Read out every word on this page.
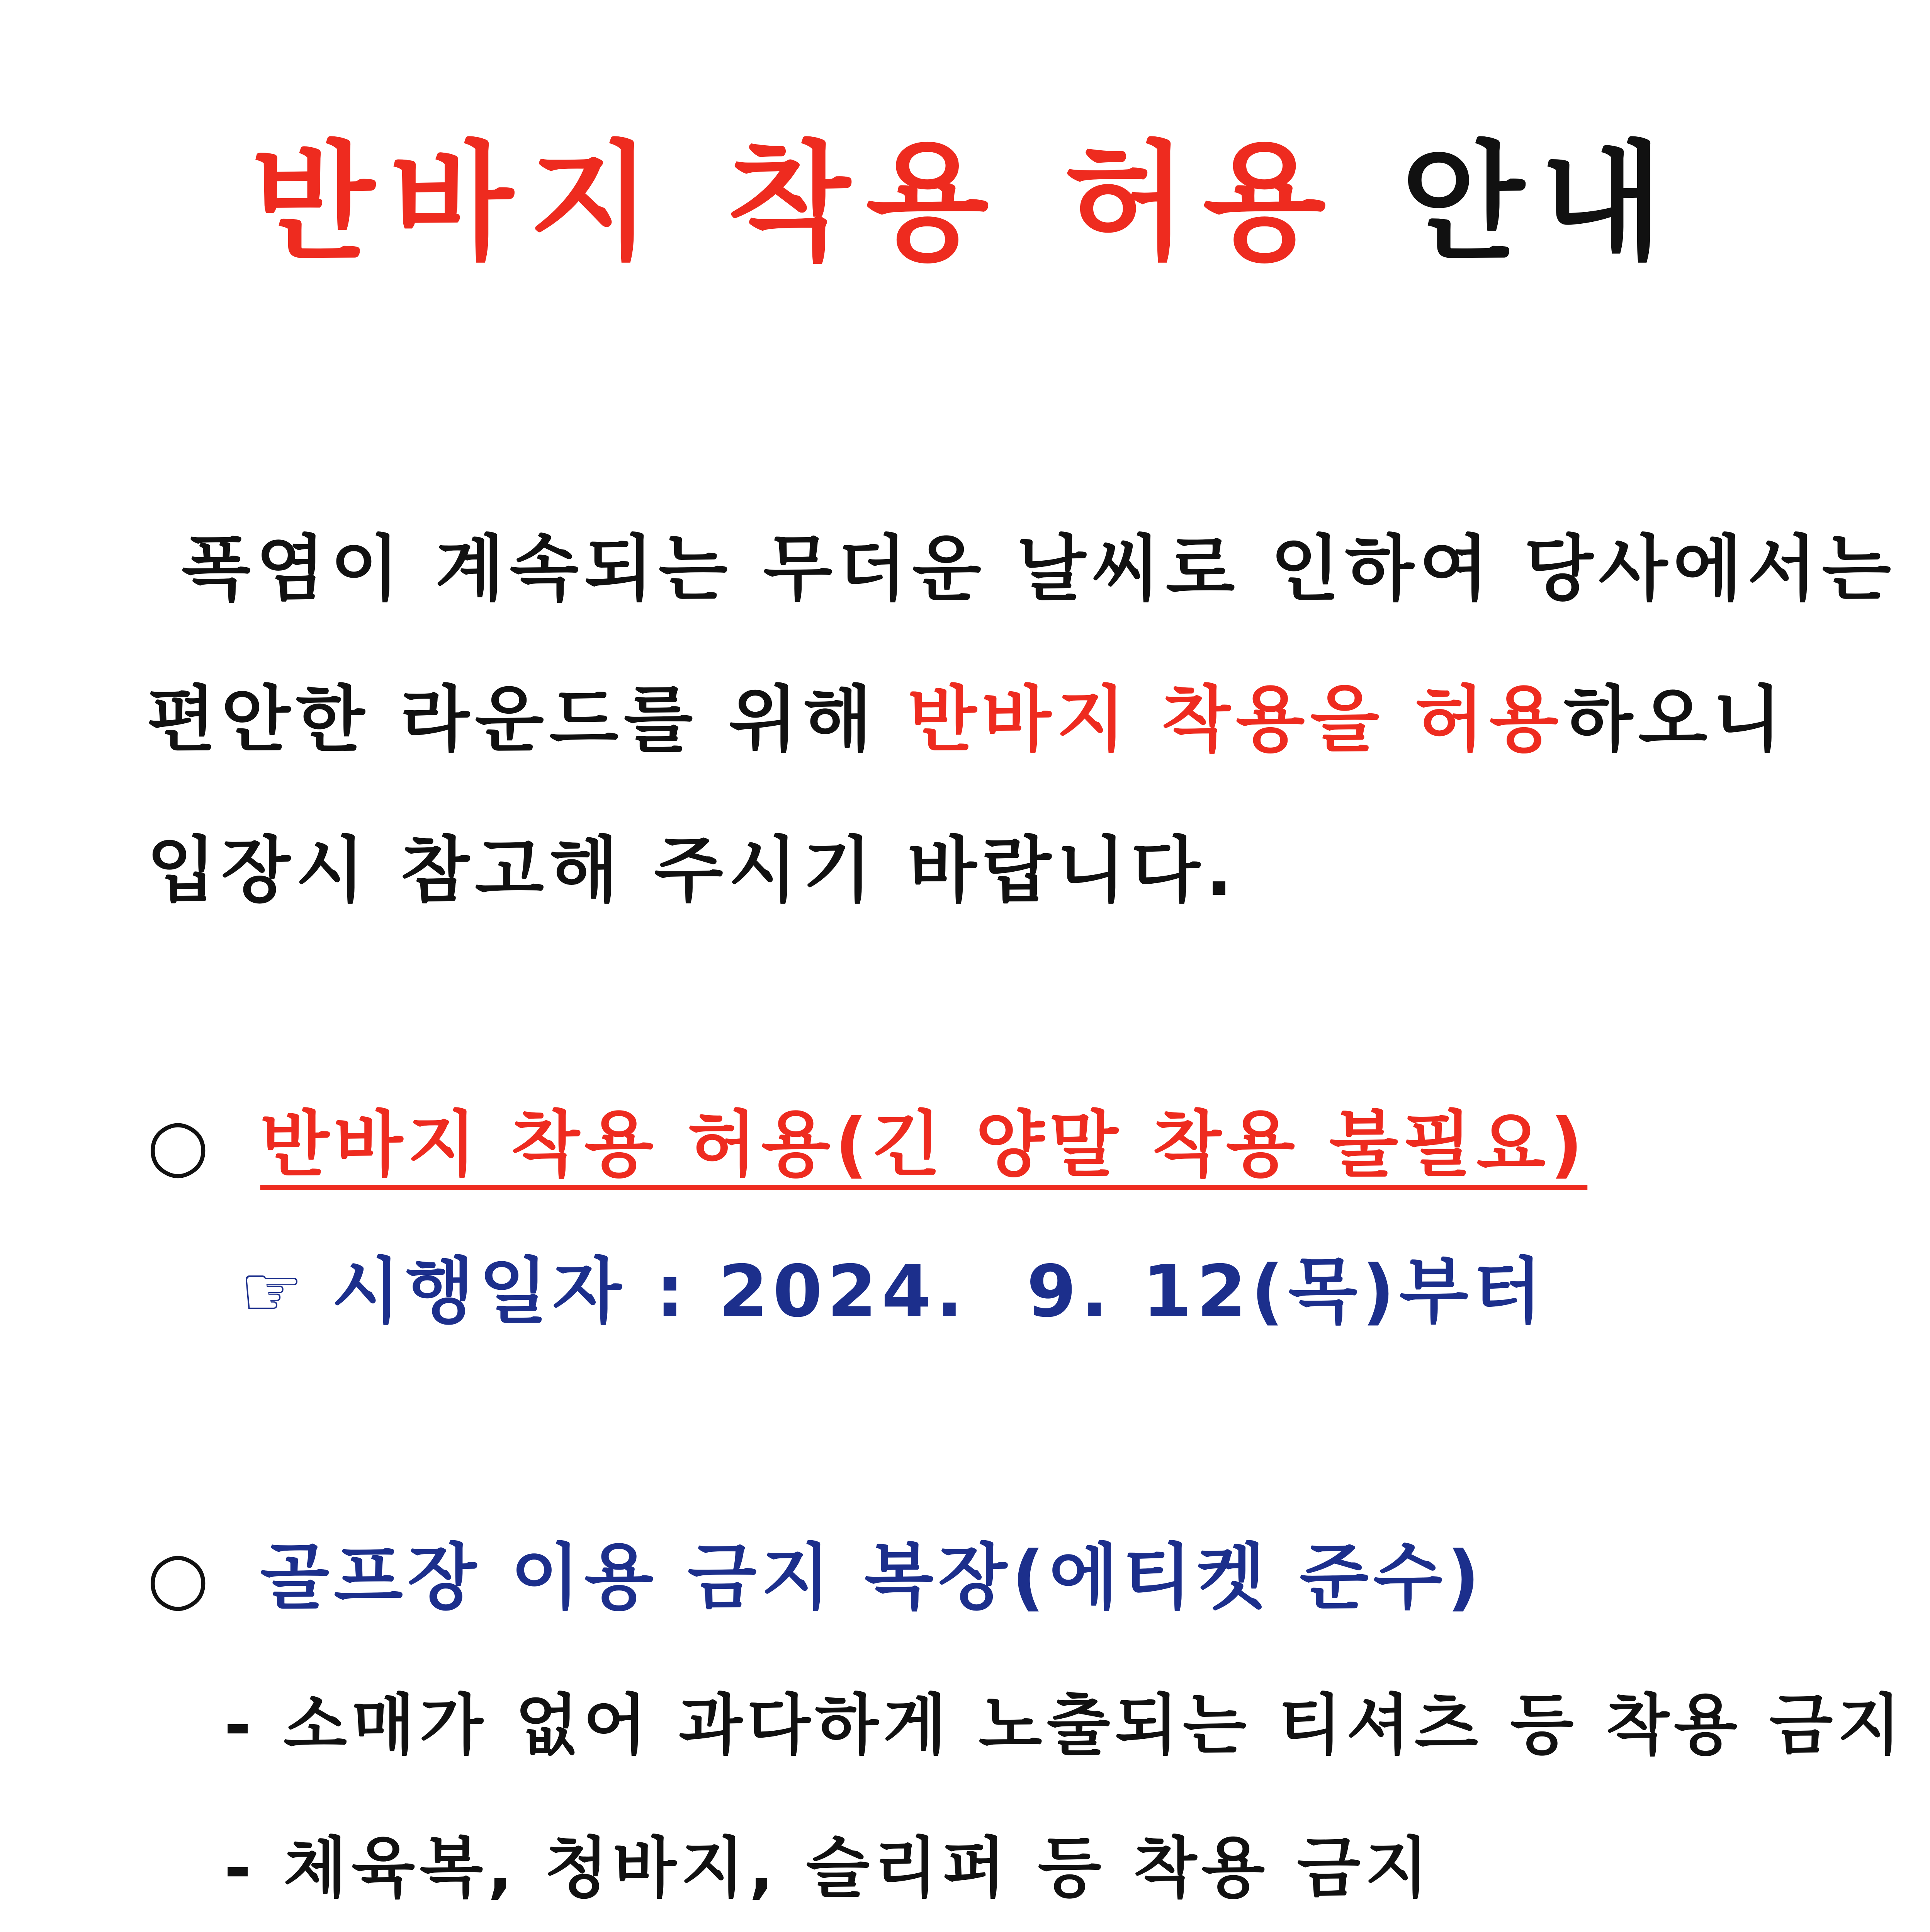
반바지 착용 허용 안내
폭염이 계속되는 무더운 날씨로 인하여 당사에서는
편안한 라운드를 위해 반바지 착용을 허용하오니
입장시 참고해 주시기 바랍니다.
○ 반바지 착용 허용(긴 양말 착용 불필요)
☞ 시행일자 : 2024.  9. 12(목)부터
○ 골프장 이용 금지 복장(에티켓 준수)
- 소매가 없어 과다하게 노출되는 티셔츠 등 착용 금지
- 체육복, 청바지, 슬리퍼 등 착용 금지
